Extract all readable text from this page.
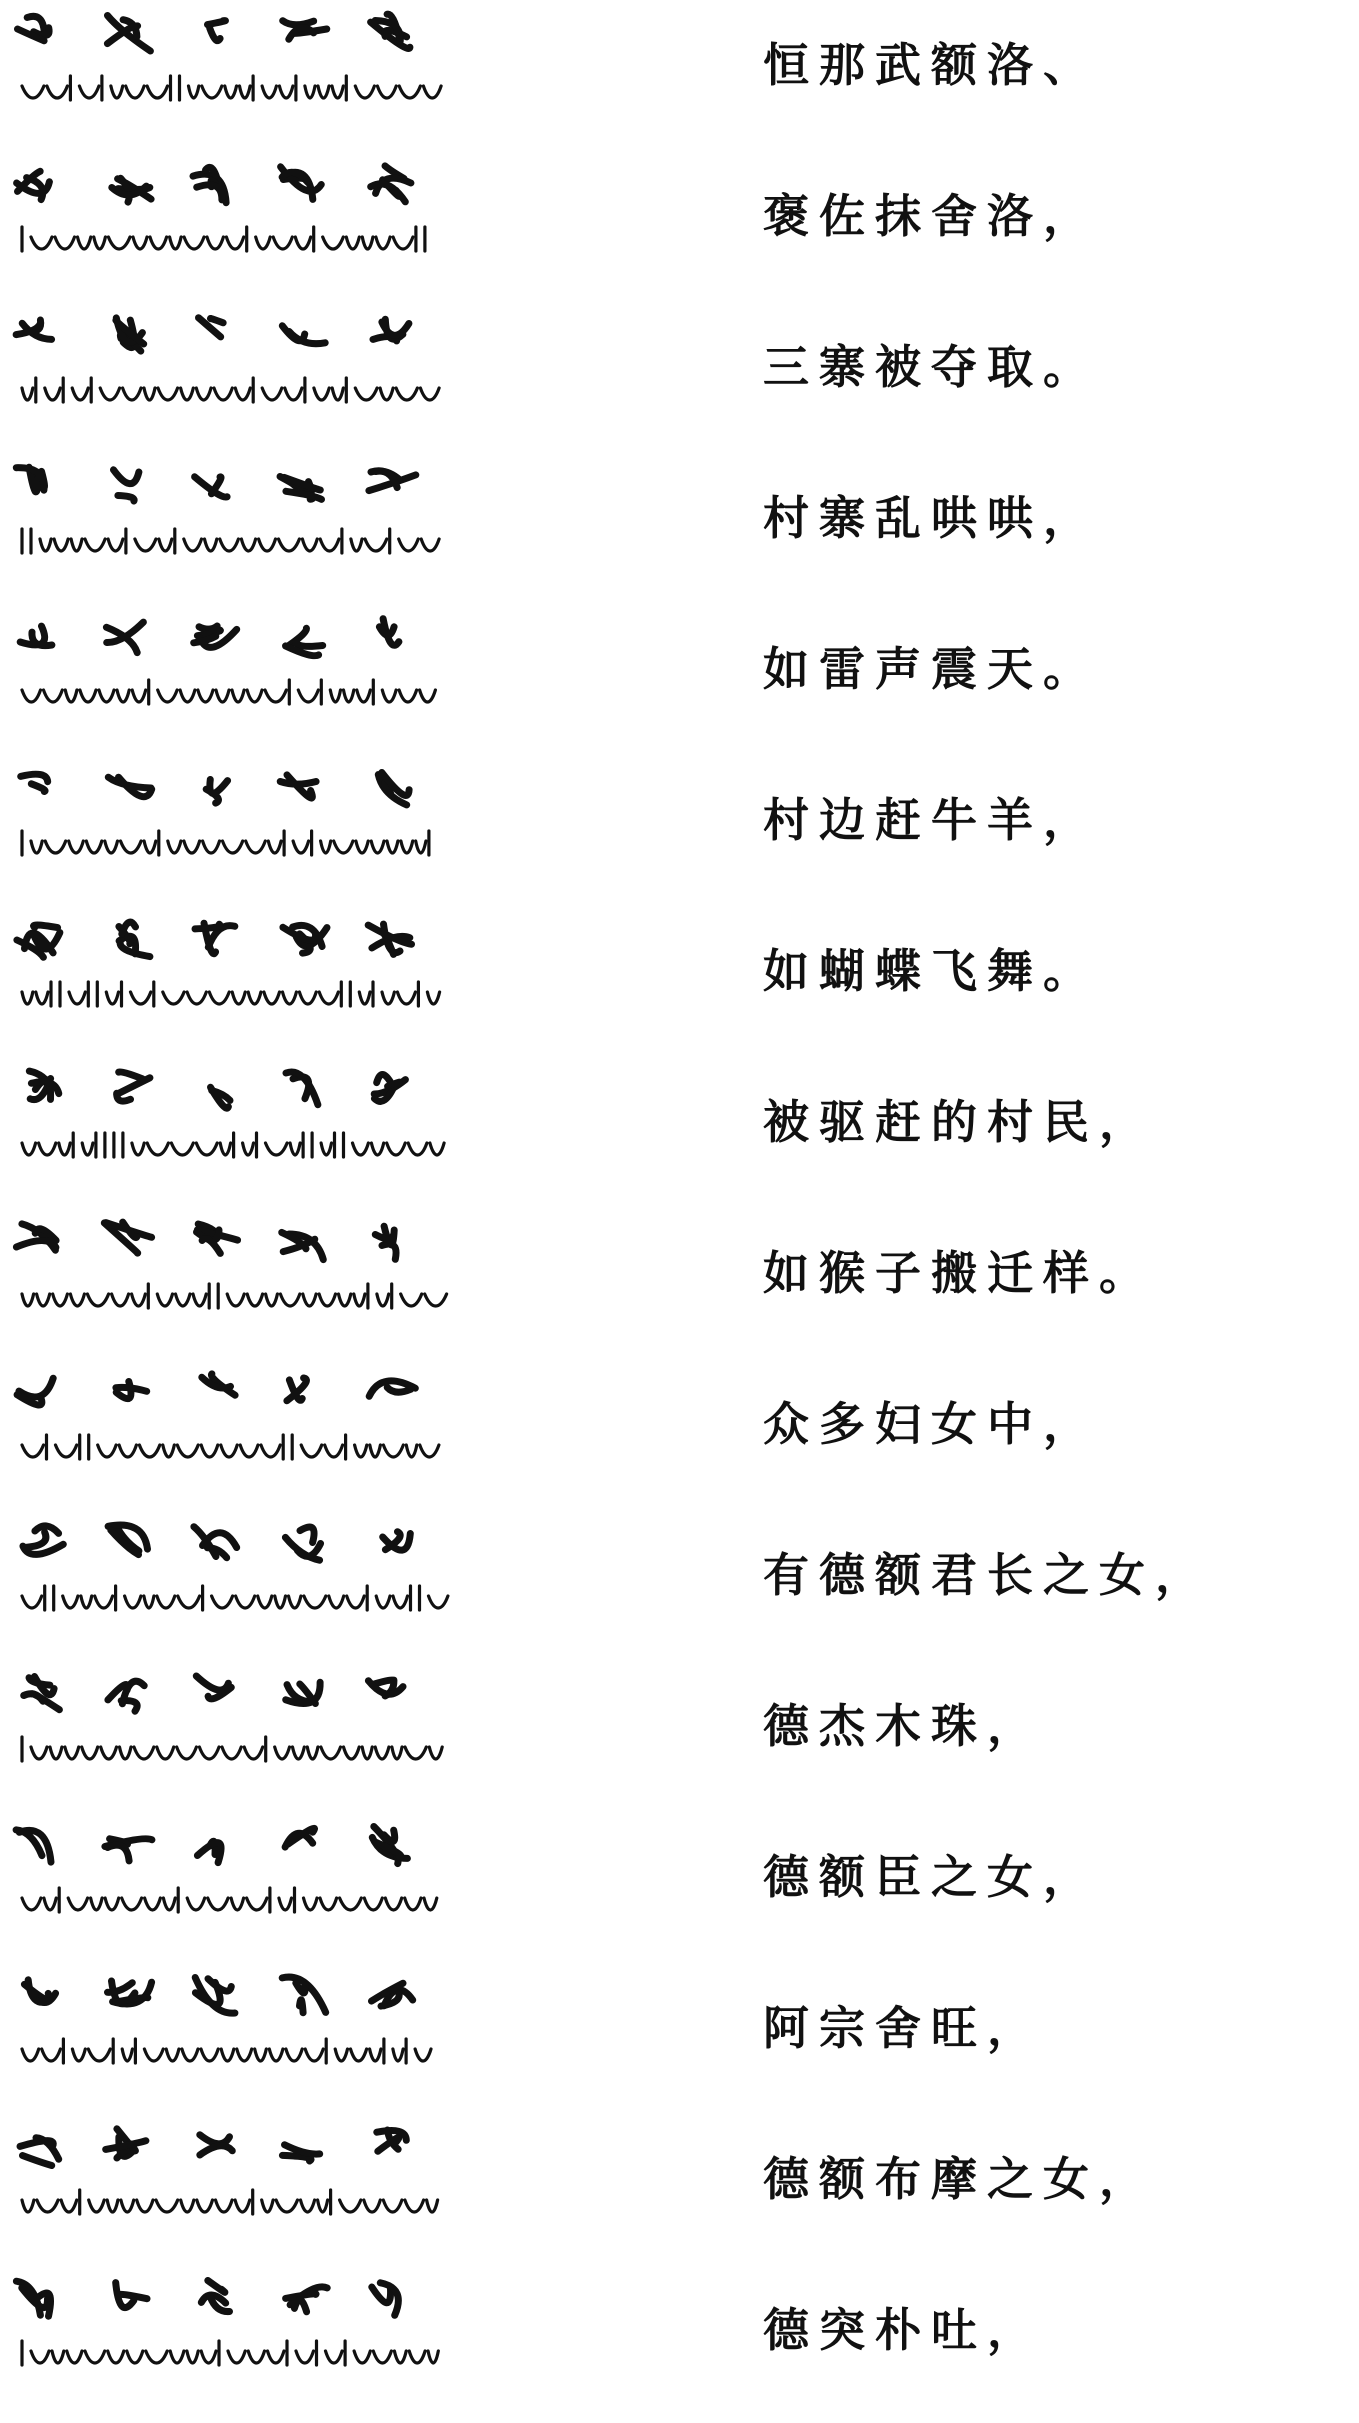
恒那武额洛、
褒佐抹舍洛，
三寨被夺取。
村寨乱哄哄，
如雷声震天。
村边赶牛羊，
如蝴蝶飞舞。
被驱赶的村民，
如猴子搬迁样。
众多妇女中，
有德额君长之女，
德杰木珠，
德额臣之女，
阿宗舍旺，
德额布摩之女，
德突朴吐，
